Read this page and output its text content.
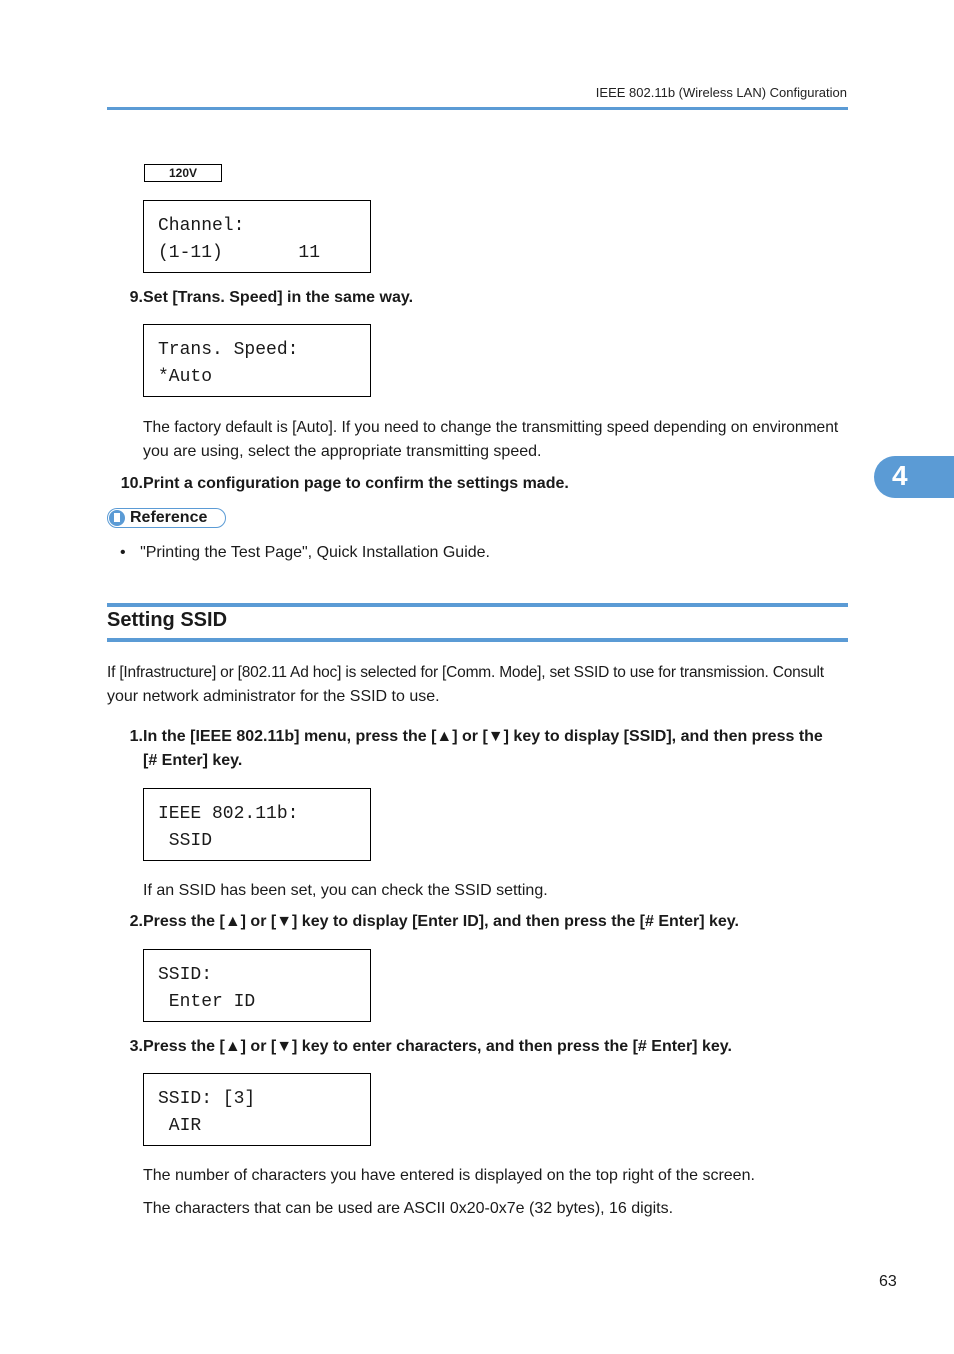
IEEE 802.11b (Wireless LAN) Configuration
4
120V
Channel:
(1-11)       11
9. Set [Trans. Speed] in the same way.
Trans. Speed:
*Auto
The factory default is [Auto]. If you need to change the transmitting speed depending on environment
you are using, select the appropriate transmitting speed.
10. Print a configuration page to confirm the settings made.
Reference
• "Printing the Test Page", Quick Installation Guide.
Setting SSID
If [Infrastructure] or [802.11 Ad hoc] is selected for [Comm. Mode], set SSID to use for transmission. Consult
your network administrator for the SSID to use.
1. In the [IEEE 802.11b] menu, press the [▲] or [▼] key to display [SSID], and then press the
[# Enter] key.
IEEE 802.11b:
SSID
If an SSID has been set, you can check the SSID setting.
2. Press the [▲] or [▼] key to display [Enter ID], and then press the [# Enter] key.
SSID:
Enter ID
3. Press the [▲] or [▼] key to enter characters, and then press the [# Enter] key.
SSID: [3]
AIR
The number of characters you have entered is displayed on the top right of the screen.
The characters that can be used are ASCII 0x20-0x7e (32 bytes), 16 digits.
63
